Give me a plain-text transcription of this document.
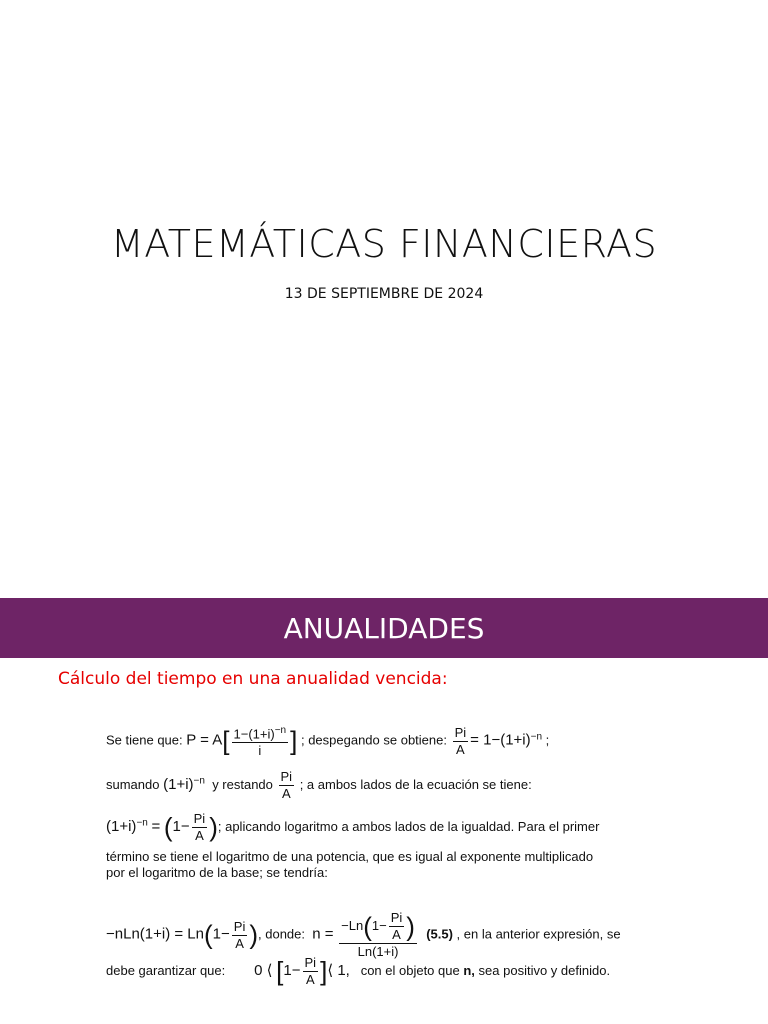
MATEMÁTICAS FINANCIERAS
13 DE SEPTIEMBRE DE 2024
ANUALIDADES
Cálculo del tiempo en una anualidad vencida:
Se tiene que: $P = A[ \frac{1-(1+i)^{-n}}{i}$ ] ; despegando se obtiene: $\frac{Pi}{A} = 1-(1+i)^{-n}$ ;
sumando $(1+i)^{-n}$ y restando $\frac{Pi}{A}$ ; a ambos lados de la ecuación se tiene:
$(1+i)^{-n} = (1- \frac{Pi}{A}$ ); aplicando logaritmo a ambos lados de la igualdad. Para el primer
término se tiene el logaritmo de una potencia, que es igual al exponente multiplicado
por el logaritmo de la base; se tendría:
$-nLn(1+i) = Ln(1- \frac{Pi}{A}$ ), donde: $n = \frac{-Ln(1- \frac{Pi}{A} )}{Ln(1+i)} (5.5)$ , en la anterior expresión, se
debe garantizar que: 0 ⟨ [$1- \frac{Pi}{A}$ ]⟨ 1, con el objeto que n, sea positivo y definido.
